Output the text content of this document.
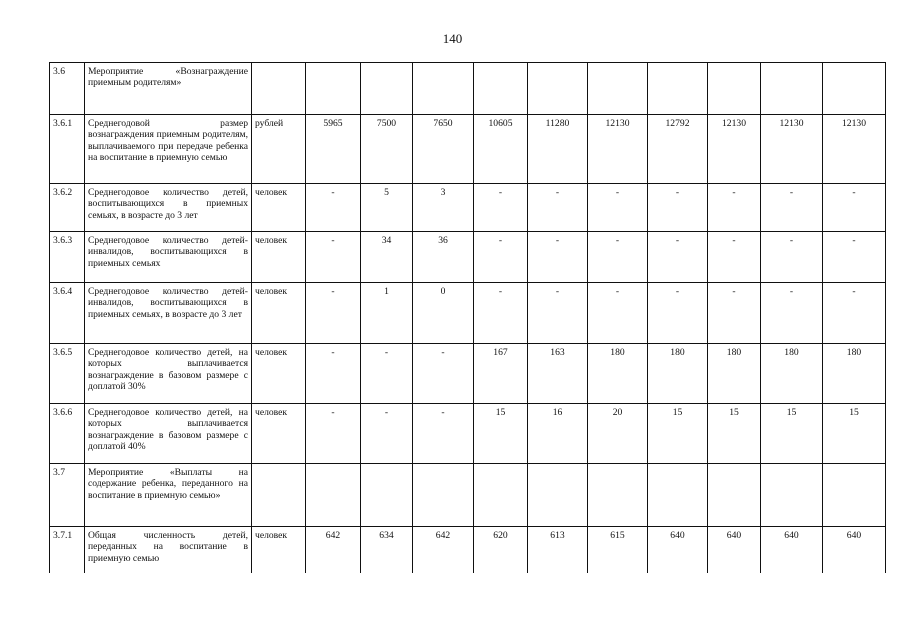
140
3.6	Мероприятие «Вознаграждение приемным родителям»											
3.6.1	Среднегодовой размер вознаграждения приемным родителям, выплачиваемого при передаче ребенка на воспитание в приемную семью	рублей	5965	7500	7650	10605	11280	12130	12792	12130	12130	12130
3.6.2	Среднегодовое количество детей, воспитывающихся в приемных семьях, в возрасте до 3 лет	человек	-	5	3	-	-	-	-	-	-	-
3.6.3	Среднегодовое количество детей-инвалидов, воспитывающихся в приемных семьях	человек	-	34	36	-	-	-	-	-	-	-
3.6.4	Среднегодовое количество детей-инвалидов, воспитывающихся в приемных семьях, в возрасте до 3 лет	человек	-	1	0	-	-	-	-	-	-	-
3.6.5	Среднегодовое количество детей, на которых выплачивается вознаграждение в базовом размере с доплатой 30%	человек	-	-	-	167	163	180	180	180	180	180
3.6.6	Среднегодовое количество детей, на которых выплачивается вознаграждение в базовом размере с доплатой 40%	человек	-	-	-	15	16	20	15	15	15	15
3.7	Мероприятие «Выплаты на содержание ребенка, переданного на воспитание в приемную семью»											
3.7.1	Общая численность детей, переданных на воспитание в приемную семью	человек	642	634	642	620	613	615	640	640	640	640
